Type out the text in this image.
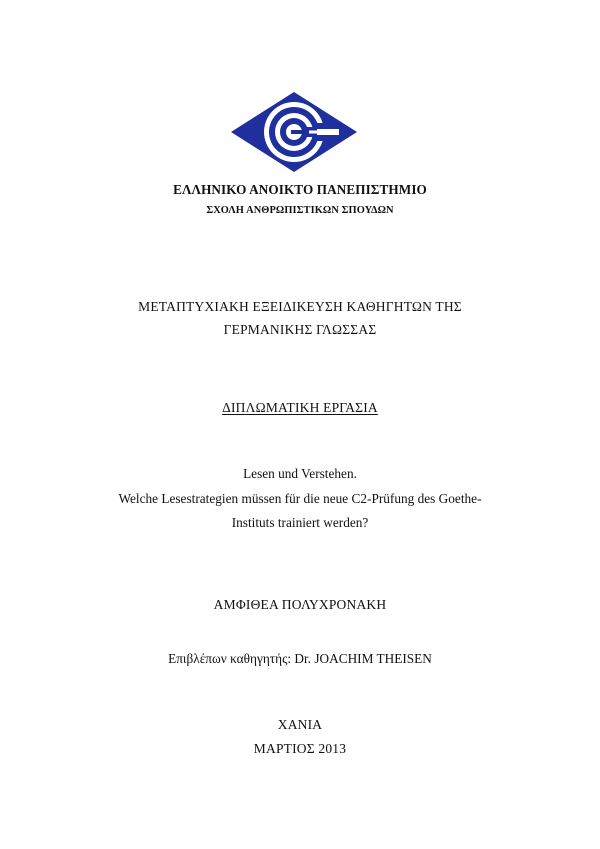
ΕΛΛΗΝΙΚΟ ΑΝΟΙΚΤΟ ΠΑΝΕΠΙΣΤΗΜΙΟ
ΣΧΟΛΗ ΑΝΘΡΩΠΙΣΤΙΚΩΝ ΣΠΟΥΔΩΝ
ΜΕΤΑΠΤΥΧΙΑΚΗ ΕΞΕΙΔΙΚΕΥΣΗ ΚΑΘΗΓΗΤΩΝ ΤΗΣ
ΓΕΡΜΑΝΙΚΗΣ ΓΛΩΣΣΑΣ
ΔΙΠΛΩΜΑΤΙΚΗ ΕΡΓΑΣΙΑ
Lesen und Verstehen.
Welche Lesestrategien müssen für die neue C2-Prüfung des Goethe-
Instituts trainiert werden?
ΑΜΦΙΘΕΑ ΠΟΛΥΧΡΟΝΑΚΗ
Επιβλέπων καθηγητής: Dr. JOACHIM THEISEN
ΧΑΝΙΑ
ΜΑΡΤΙΟΣ 2013
